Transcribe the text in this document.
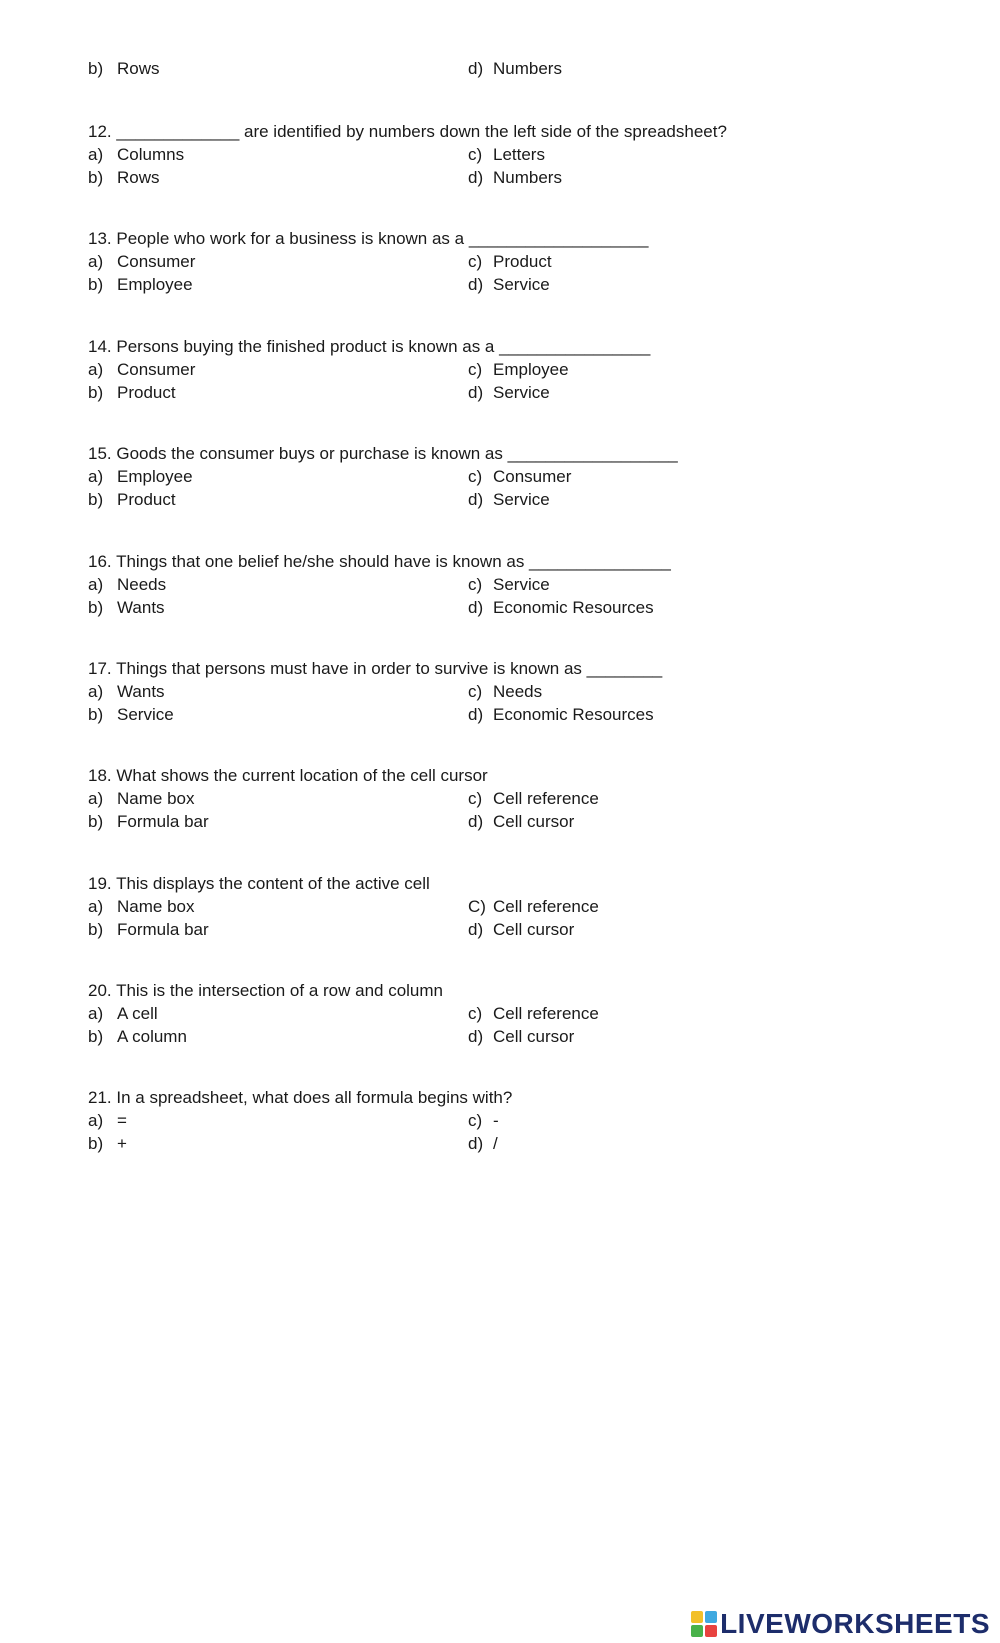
b) Rows	d) Numbers
12. _____________ are identified by numbers down the left side of the spreadsheet?
a) Columns	c) Letters
b) Rows	d) Numbers
13. People who work for a business is known as a ___________________
a) Consumer	c) Product
b) Employee	d) Service
14. Persons buying the finished product is known as a ________________
a) Consumer	c) Employee
b) Product	d) Service
15. Goods the consumer buys or purchase is known as __________________
a) Employee	c) Consumer
b) Product	d) Service
16. Things that one belief he/she should have is known as _______________
a) Needs	c) Service
b) Wants	d) Economic Resources
17. Things that persons must have in order to survive is known as ________
a) Wants	c) Needs
b) Service	d) Economic Resources
18. What shows the current location of the cell cursor
a) Name box	c) Cell reference
b) Formula bar	d) Cell cursor
19. This displays the content of the active cell
a) Name box	C) Cell reference
b) Formula bar	d) Cell cursor
20. This is the intersection of a row and column
a) A cell	c) Cell reference
b) A column	d) Cell cursor
21. In a spreadsheet, what does all formula begins with?
a) =	c) -
b) +	d) /
LIVEWORKSHEETS
